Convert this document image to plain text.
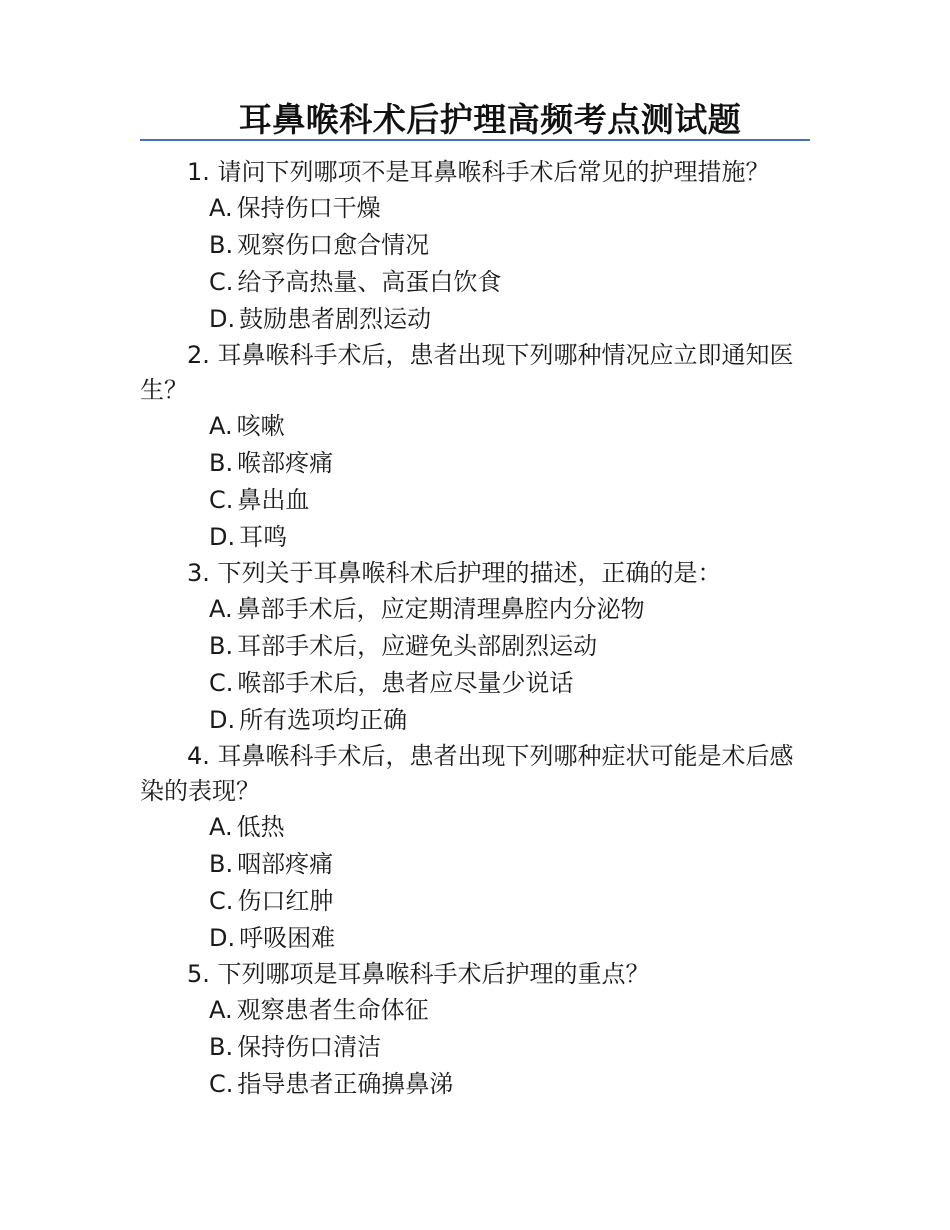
耳鼻喉科术后护理高频考点测试题

1. 请问下列哪项不是耳鼻喉科手术后常见的护理措施？

A. 保持伤口干燥
B. 观察伤口愈合情况
C. 给予高热量、高蛋白饮食
D. 鼓励患者剧烈运动

2. 耳鼻喉科手术后，患者出现下列哪种情况应立即通知医生？

A. 咳嗽
B. 喉部疼痛
C. 鼻出血
D. 耳鸣

3. 下列关于耳鼻喉科术后护理的描述，正确的是：

A. 鼻部手术后，应定期清理鼻腔内分泌物
B. 耳部手术后，应避免头部剧烈运动
C. 喉部手术后，患者应尽量少说话
D. 所有选项均正确

4. 耳鼻喉科手术后，患者出现下列哪种症状可能是术后感染的表现？

A. 低热
B. 咽部疼痛
C. 伤口红肿
D. 呼吸困难

5. 下列哪项是耳鼻喉科手术后护理的重点？

A. 观察患者生命体征
B. 保持伤口清洁
C. 指导患者正确擤鼻涕
